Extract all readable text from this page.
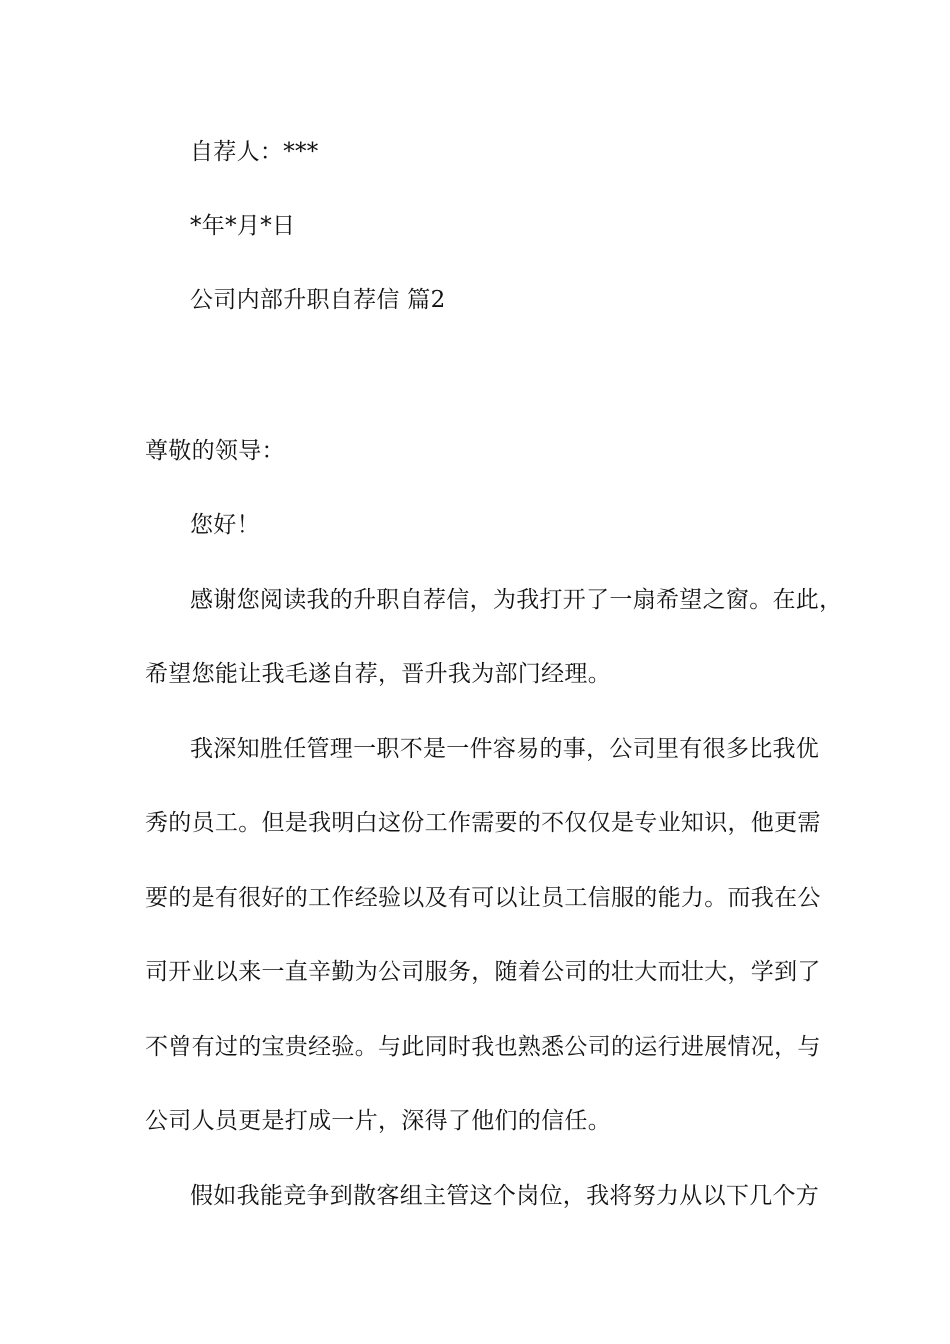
自荐人：***
*年*月*日
公司内部升职自荐信 篇2
尊敬的领导：
您好！
感谢您阅读我的升职自荐信，为我打开了一扇希望之窗。在此，
希望您能让我毛遂自荐，晋升我为部门经理。
我深知胜任管理一职不是一件容易的事，公司里有很多比我优
秀的员工。但是我明白这份工作需要的不仅仅是专业知识，他更需
要的是有很好的工作经验以及有可以让员工信服的能力。而我在公
司开业以来一直辛勤为公司服务，随着公司的壮大而壮大，学到了
不曾有过的宝贵经验。与此同时我也熟悉公司的运行进展情况，与
公司人员更是打成一片，深得了他们的信任。
假如我能竞争到散客组主管这个岗位，我将努力从以下几个方
